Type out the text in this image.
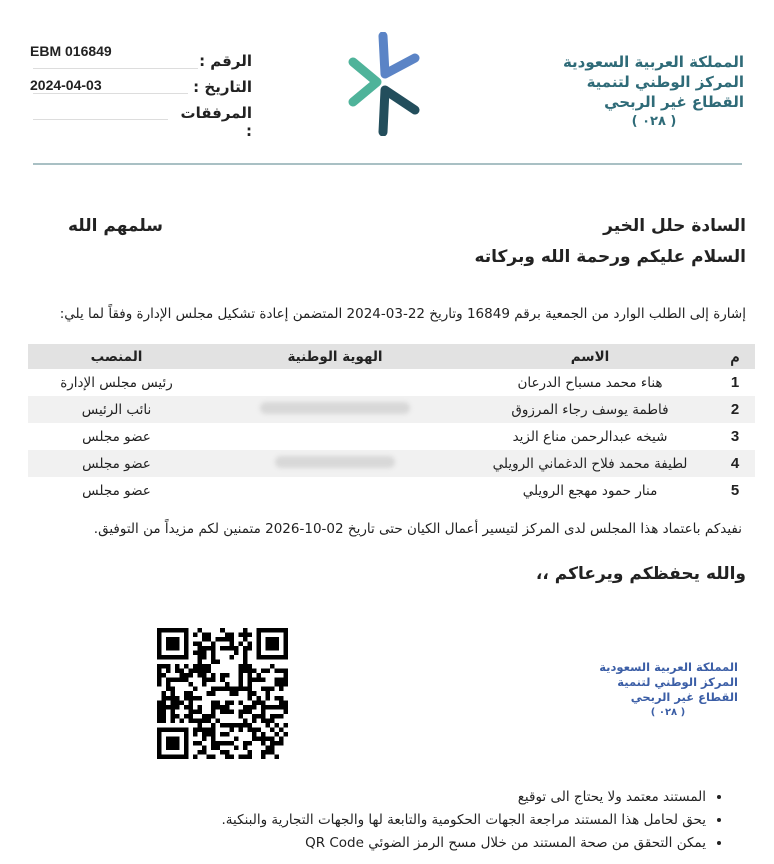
المملكة العربية السعودية
المركز الوطني لتنمية
القطاع غير الربحي
( ٠٢٨ )
الرقم :
EBM 016849
التاريخ :
2024-04-03
المرفقات :
السادة حلل الخير
سلمهم الله
السلام عليكم ورحمة الله وبركاته
إشارة إلى الطلب الوارد من الجمعية برقم 16849 وتاريخ 22-03-2024 المتضمن إعادة تشكيل مجلس الإدارة وفقاً لما يلي:
م	الاسم	الهوية الوطنية	المنصب
1	هناء محمد مسباح الدرعان		رئيس مجلس الإدارة
2	فاطمة يوسف رجاء المرزوق		نائب الرئيس
3	شيخه عبدالرحمن مناع الزيد		عضو مجلس
4	لطيفة محمد فلاح الدغماني الرويلي		عضو مجلس
5	منار حمود مهجع الرويلي		عضو مجلس
نفيدكم باعتماد هذا المجلس لدى المركز لتيسير أعمال الكيان حتى تاريخ 02-10-2026 متمنين لكم مزيداً من التوفيق.
والله يحفظكم ويرعاكم ،،
المملكة العربية السعودية
المركز الوطني لتنمية
القطاع غير الربحي
( ٠٢٨ )
• المستند معتمد ولا يحتاج الى توقيع
• يحق لحامل هذا المستند مراجعة الجهات الحكومية والتابعة لها والجهات التجارية والبنكية.
• يمكن التحقق من صحة المستند من خلال مسح الرمز الضوئي QR Code
